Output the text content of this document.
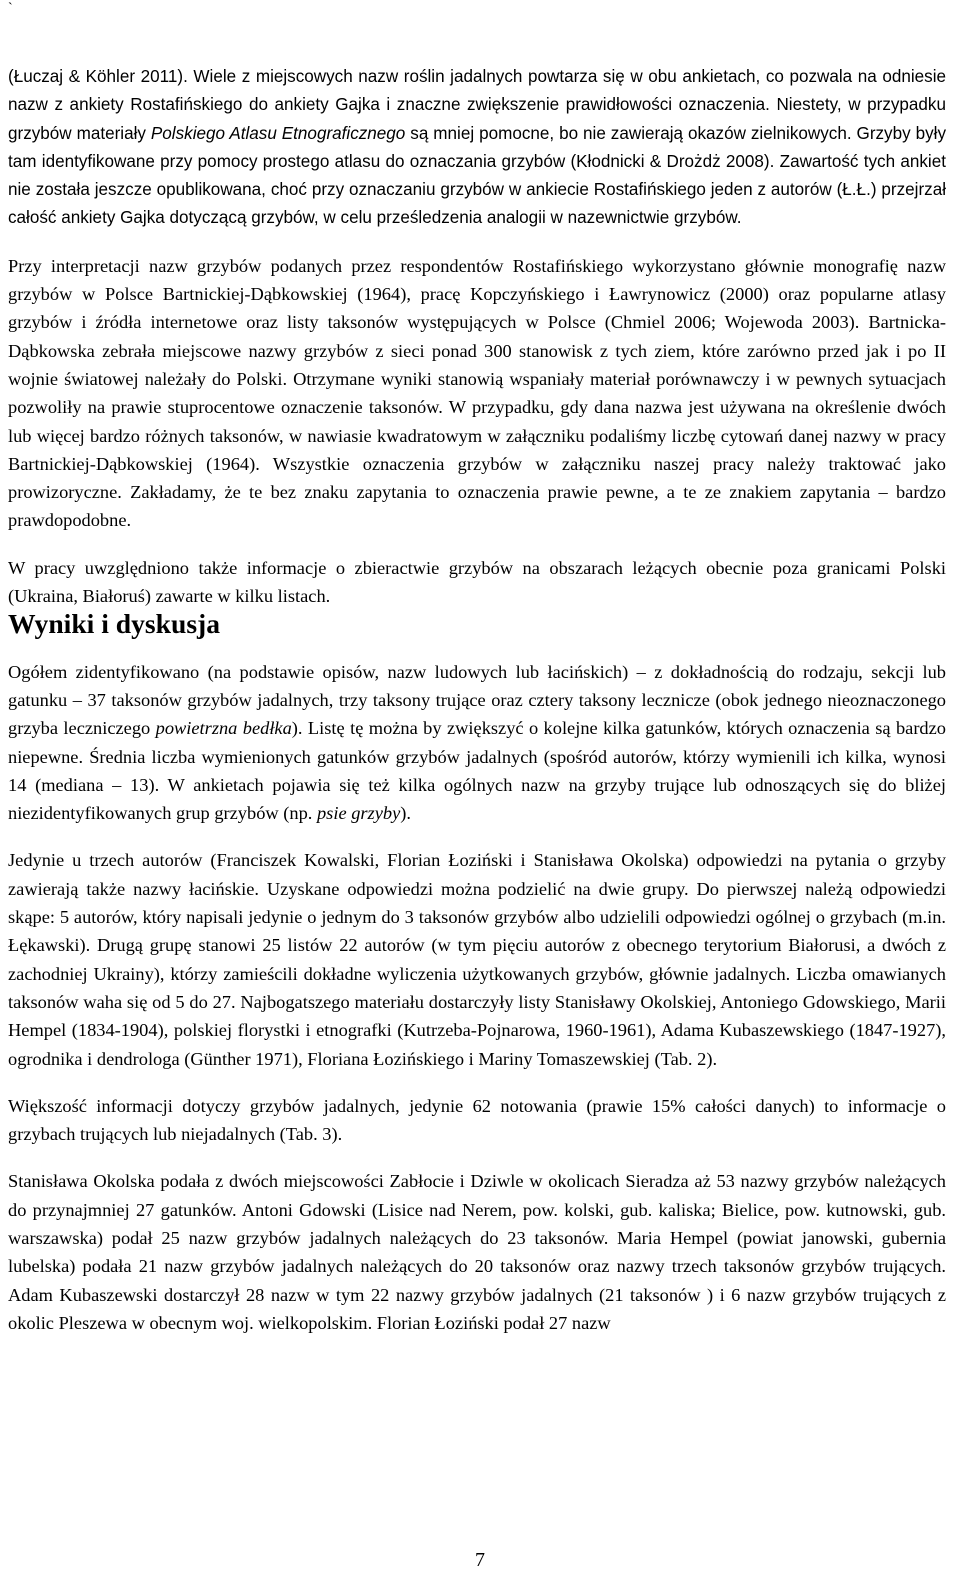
`

(Łuczaj & Köhler 2011). Wiele z miejscowych nazw roślin jadalnych powtarza się w obu ankietach, co pozwala na odniesie nazw z ankiety Rostafińskiego do ankiety Gajka i znaczne zwiększenie prawidłowości oznaczenia. Niestety, w przypadku grzybów materiały Polskiego Atlasu Etnograficznego są mniej pomocne, bo nie zawierają okazów zielnikowych. Grzyby były tam identyfikowane przy pomocy prostego atlasu do oznaczania grzybów (Kłodnicki & Drożdż 2008). Zawartość tych ankiet nie została jeszcze opublikowana, choć przy oznaczaniu grzybów w ankiecie Rostafińskiego jeden z autorów (Ł.Ł.) przejrzał całość ankiety Gajka dotyczącą grzybów, w celu prześledzenia analogii w nazewnictwie grzybów.

Przy interpretacji nazw grzybów podanych przez respondentów Rostafińskiego wykorzystano głównie monografię nazw grzybów w Polsce Bartnickiej-Dąbkowskiej (1964), pracę Kopczyńskiego i Ławrynowicz (2000) oraz popularne atlasy grzybów i źródła internetowe oraz listy taksonów występujących w Polsce (Chmiel 2006; Wojewoda 2003). Bartnicka-Dąbkowska zebrała miejscowe nazwy grzybów z sieci ponad 300 stanowisk z tych ziem, które zarówno przed jak i po II wojnie światowej należały do Polski. Otrzymane wyniki stanowią wspaniały materiał porównawczy i w pewnych sytuacjach pozwoliły na prawie stuprocentowe oznaczenie taksonów. W przypadku, gdy dana nazwa jest używana na określenie dwóch lub więcej bardzo różnych taksonów, w nawiasie kwadratowym w załączniku podaliśmy liczbę cytowań danej nazwy w pracy Bartnickiej-Dąbkowskiej (1964). Wszystkie oznaczenia grzybów w załączniku naszej pracy należy traktować jako prowizoryczne. Zakładamy, że te bez znaku zapytania to oznaczenia prawie pewne, a te ze znakiem zapytania – bardzo prawdopodobne.

W pracy uwzględniono także informacje o zbieractwie grzybów na obszarach leżących obecnie poza granicami Polski (Ukraina, Białoruś) zawarte w kilku listach.

Wyniki i dyskusja

Ogółem zidentyfikowano (na podstawie opisów, nazw ludowych lub łacińskich) – z dokładnością do rodzaju, sekcji lub gatunku – 37 taksonów grzybów jadalnych, trzy taksony trujące oraz cztery taksony lecznicze (obok jednego nieoznaczonego grzyba leczniczego powietrzna bedłka). Listę tę można by zwiększyć o kolejne kilka gatunków, których oznaczenia są bardzo niepewne. Średnia liczba wymienionych gatunków grzybów jadalnych (spośród autorów, którzy wymienili ich kilka, wynosi 14 (mediana – 13). W ankietach pojawia się też kilka ogólnych nazw na grzyby trujące lub odnoszących się do bliżej niezidentyfikowanych grup grzybów (np. psie grzyby).

Jedynie u trzech autorów (Franciszek Kowalski, Florian Łoziński i Stanisława Okolska) odpowiedzi na pytania o grzyby zawierają także nazwy łacińskie. Uzyskane odpowiedzi można podzielić na dwie grupy. Do pierwszej należą odpowiedzi skąpe: 5 autorów, który napisali jedynie o jednym do 3 taksonów grzybów albo udzielili odpowiedzi ogólnej o grzybach (m.in. Łękawski). Drugą grupę stanowi 25 listów 22 autorów (w tym pięciu autorów z obecnego terytorium Białorusi, a dwóch z zachodniej Ukrainy), którzy zamieścili dokładne wyliczenia użytkowanych grzybów, głównie jadalnych. Liczba omawianych taksonów waha się od 5 do 27. Najbogatszego materiału dostarczyły listy Stanisławy Okolskiej, Antoniego Gdowskiego, Marii Hempel (1834-1904), polskiej florystki i etnografki (Kutrzeba-Pojnarowa, 1960-1961), Adama Kubaszewskiego (1847-1927), ogrodnika i dendrologa (Günther 1971), Floriana Łozińskiego i Mariny Tomaszewskiej (Tab. 2).

Większość informacji dotyczy grzybów jadalnych, jedynie 62 notowania (prawie 15% całości danych) to informacje o grzybach trujących lub niejadalnych (Tab. 3).

Stanisława Okolska podała z dwóch miejscowości Zabłocie i Dziwle w okolicach Sieradza aż 53 nazwy grzybów należących do przynajmniej 27 gatunków. Antoni Gdowski (Lisice nad Nerem, pow. kolski, gub. kaliska; Bielice, pow. kutnowski, gub. warszawska) podał 25 nazw grzybów jadalnych należących do 23 taksonów. Maria Hempel (powiat janowski, gubernia lubelska) podała 21 nazw grzybów jadalnych należących do 20 taksonów oraz nazwy trzech taksonów grzybów trujących. Adam Kubaszewski dostarczył 28 nazw w tym 22 nazwy grzybów jadalnych (21 taksonów ) i 6 nazw grzybów trujących z okolic Pleszewa w obecnym woj. wielkopolskim. Florian Łoziński podał 27 nazw

7
